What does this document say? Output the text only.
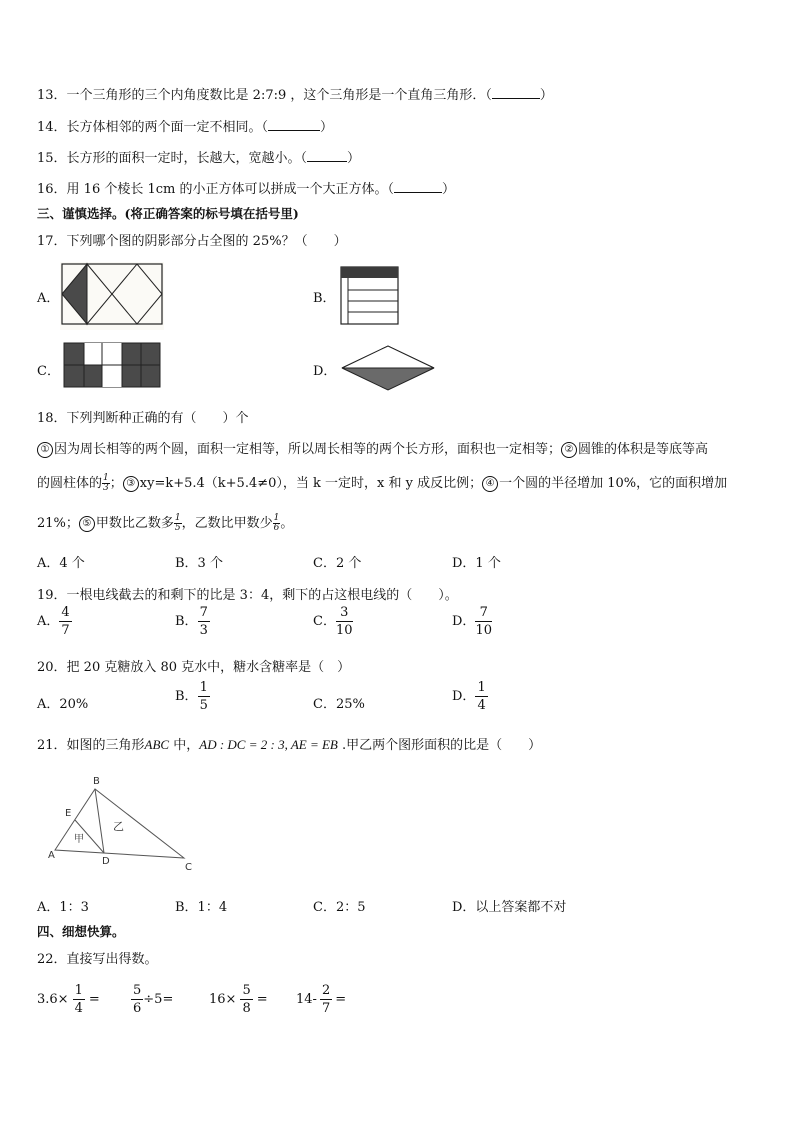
13．一个三角形的三个内角度数比是 2:7:9 ，这个三角形是一个直角三角形．（	）
14．长方体相邻的两个面一定不相同。（	）
15．长方形的面积一定时，长越大，宽越小。（	）
16．用 16 个棱长 1cm 的小正方体可以拼成一个大正方体。（	）
三、谨慎选择。(将正确答案的标号填在括号里)
17．下列哪个图的阴影部分占全图的 25%？（　　）
A．	B．
C．	D．
18．下列判断种正确的有（　　）个
① 因为周长相等的两个圆，面积一定相等，所以周长相等的两个长方形，面积也一定相等； ② 圆锥的体积是等底等高
的圆柱体的 $\frac{1}{3}$ ； ③ xy=k+5.4（k+5.4≠0），当 k 一定时，x 和 y 成反比例； ④ 一个圆的半径增加 10%，它的面积增加
21%； ⑤ 甲数比乙数多 $\frac{1}{5}$ ，乙数比甲数少 $\frac{1}{6}$ 。
A．4 个	B．3 个	C．2 个	D．1 个
19．一根电线截去的和剩下的比是 3：4，剩下的占这根电线的（　　）。
A． $\frac{4}{7}$	B． $\frac{7}{3}$	C． $\frac{3}{10}$	D． $\frac{7}{10}$
20．把 20 克糖放入 80 克水中，糖水含糖率是（　）
A．20%
B． $\frac{1}{5}$	C．25%
D． $\frac{1}{4}$
21．如图的三角形ABC 中，AD : DC = 2 : 3, AE = EB .甲乙两个图形面积的比是（　　）
B
E
A
D
C
甲
乙
A．1：3	B．1：4	C．2：5	D．以上答案都不对
四、细想快算。
22．直接写出得数。
$3.6\times \frac{1}{4} = \frac{5}{6} \div 5=$	$16\times \frac{5}{8} = 14- \frac{2}{7}$ =
